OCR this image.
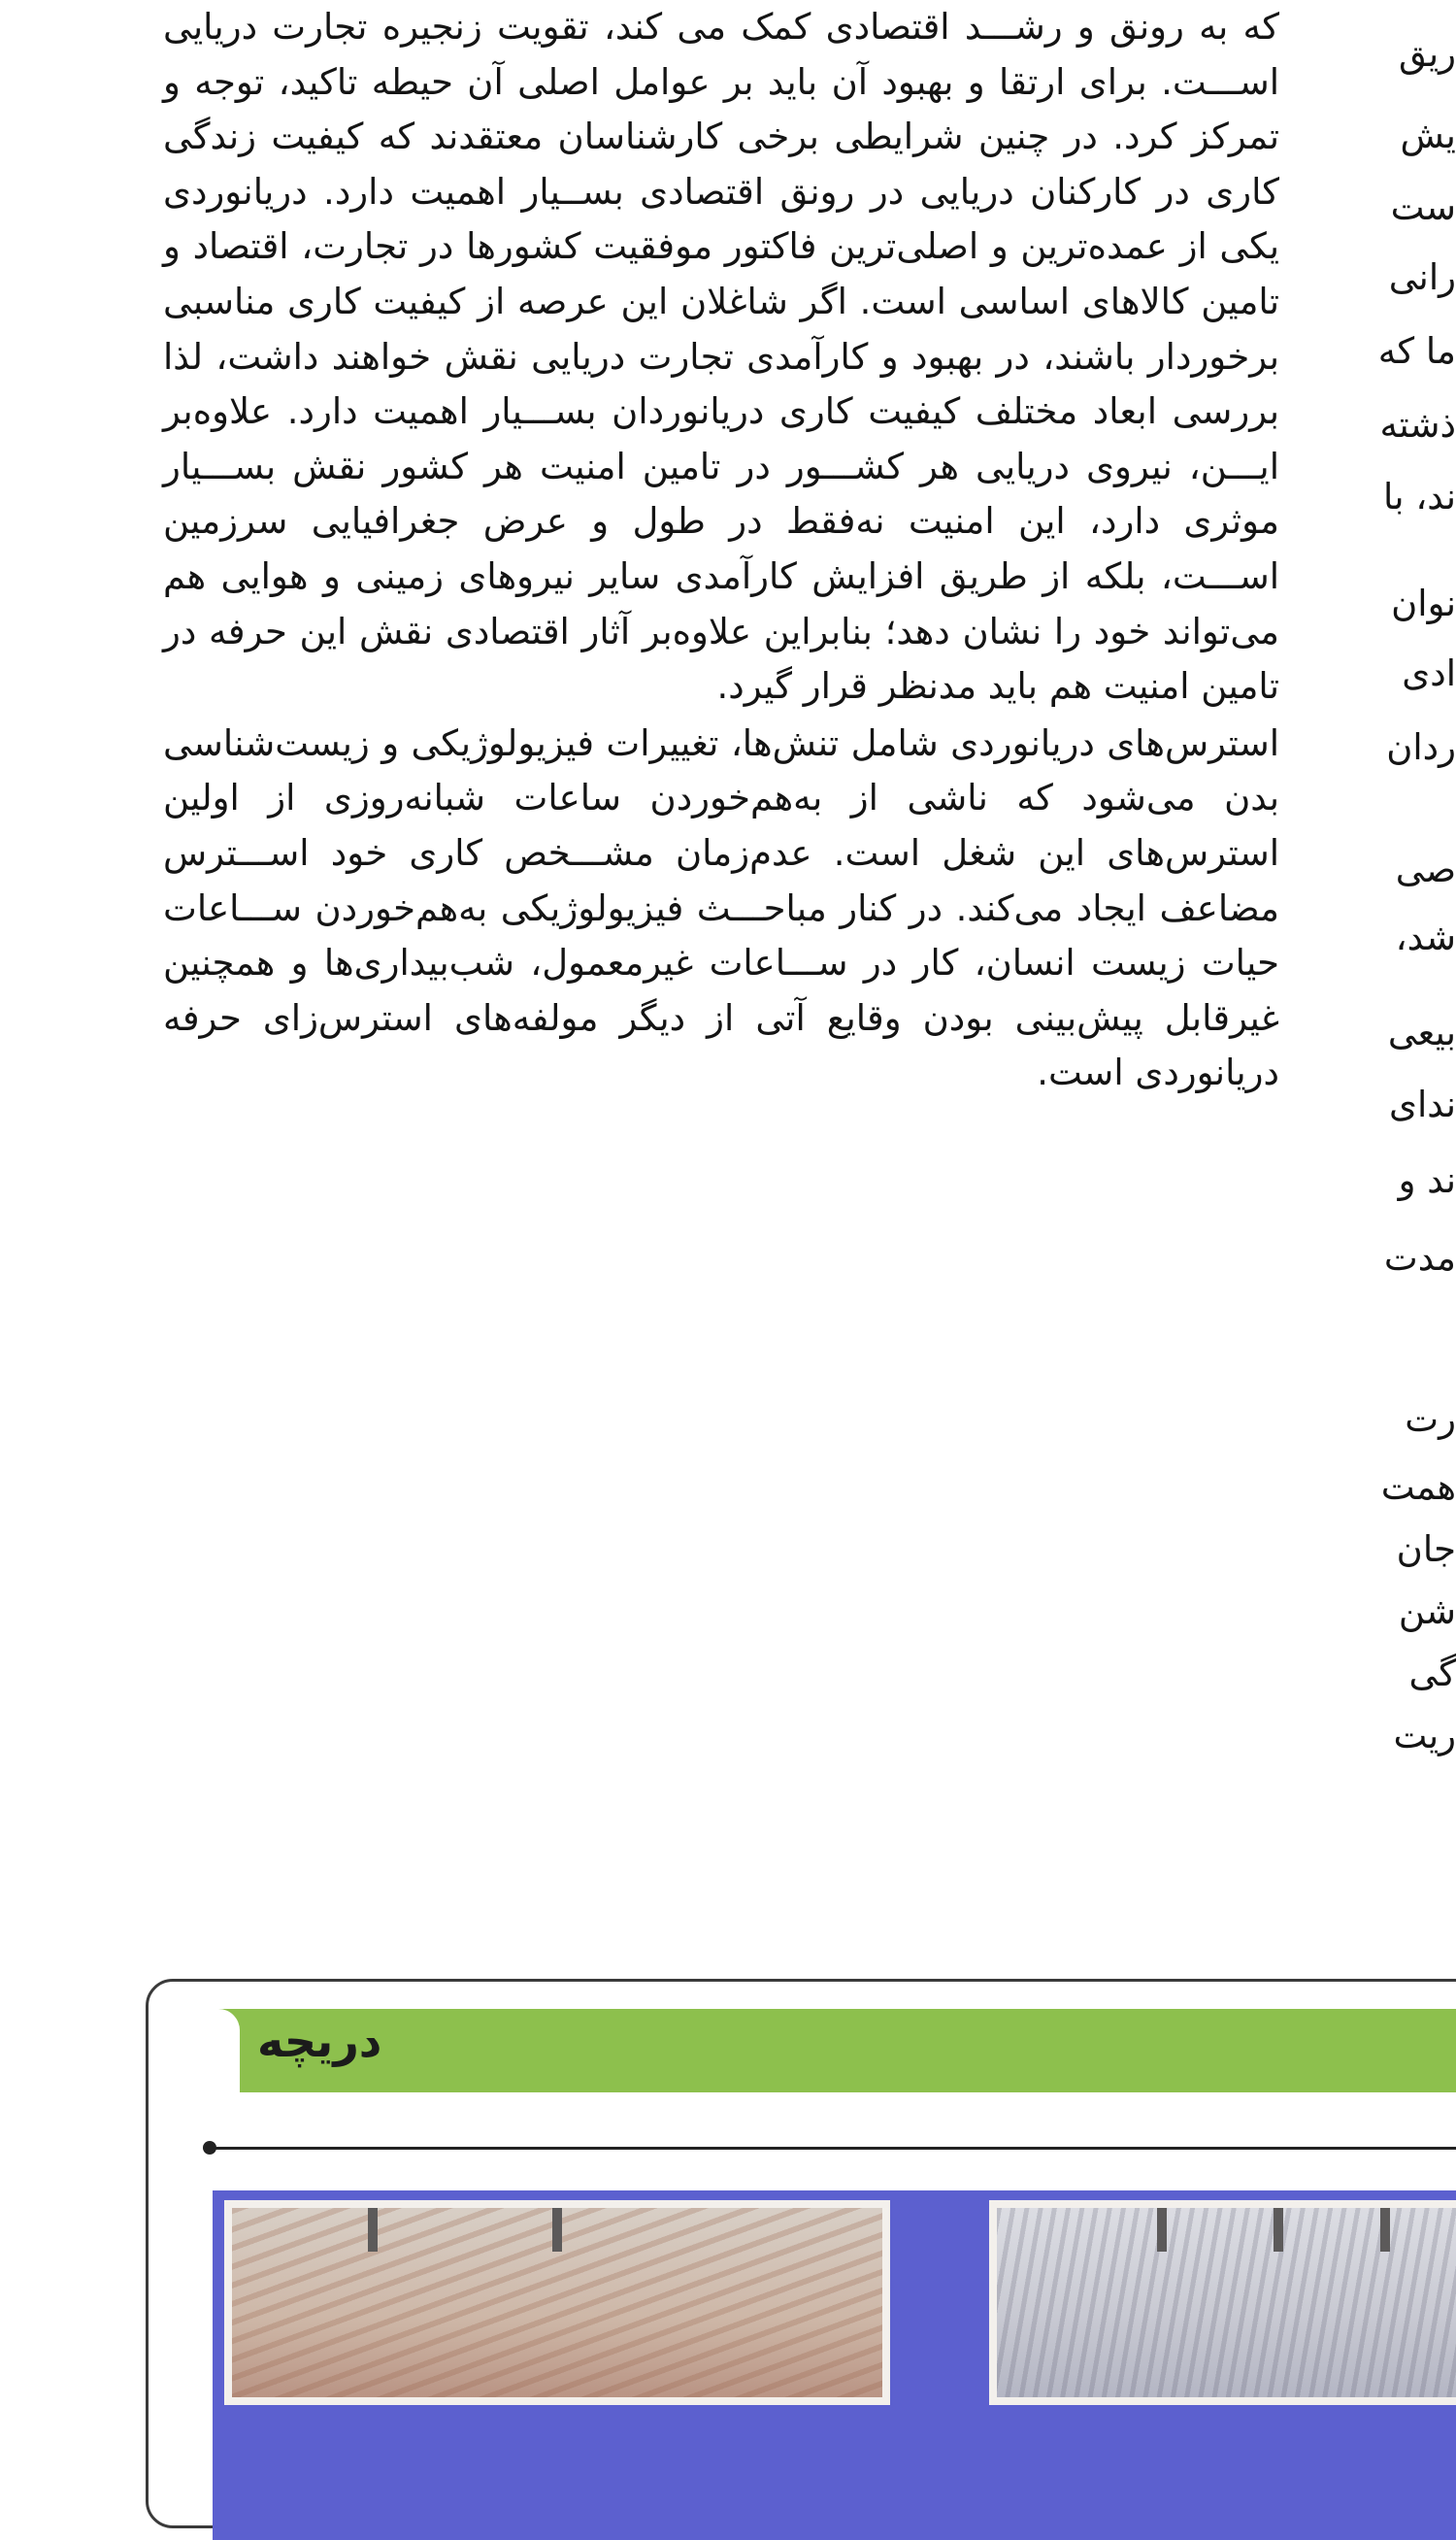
که به رونق و رشـــد اقتصادی کمک می کند، تقویت زنجیره تجارت دریایی اســـت. برای ارتقا و بهبود آن باید بر عوامل اصلی آن حیطه تاکید، توجه و تمرکز کرد. در چنین شرایطی برخی کارشناسان معتقدند که کیفیت زندگی کاری در کارکنان دریایی در رونق اقتصادی بســیار اهمیت دارد. دریانوردی یکی از عمده‌ترین و اصلی‌ترین فاکتور موفقیت کشورها در تجارت، اقتصاد و تامین کالاهای اساسی است. اگر شاغلان این عرصه از کیفیت کاری مناسبی برخوردار باشند، در بهبود و کارآمدی تجارت دریایی نقش خواهند داشت، لذا بررسی ابعاد مختلف کیفیت کاری دریانوردان بســـیار اهمیت دارد. علاوه‌بر ایـــن، نیروی دریایی هر کشـــور در تامین امنیت هر کشور نقش بســـیار موثری دارد، این امنیت نه‌فقط در طول و عرض جغرافیایی سرزمین اســـت، بلکه از طریق افزایش کارآمدی سایر نیروهای زمینی و هوایی هم می‌تواند خود را نشان دهد؛ بنابراین علاوه‌بر آثار اقتصادی نقش این حرفه در تامین امنیت هم باید مدنظر قرار گیرد.

استرس‌های دریانوردی شامل تنش‌ها، تغییرات فیزیولوژیکی و زیست‌شناسی بدن می‌شود که ناشی از به‌هم‌خوردن ساعات شبانه‌روزی از اولین استرس‌های این شغل است. عدم‌زمان مشـــخص کاری خود اســـترس مضاعف ایجاد می‌کند. در کنار مباحـــث فیزیولوژیکی به‌هم‌خوردن ســـاعات حیات زیست انسان، کار در ســـاعات غیرمعمول، شب‌بیداری‌ها و همچنین غیرقابل پیش‌بینی بودن وقایع آتی از دیگر مولفه‌های استرس‌زای حرفه دریانوردی است.

ریق
یش
ست
رانی
ما که
ذشته
ند، با
نوان
ادی
ردان
صی
شد،
بیعی
ندای
ند و
مدت
رت
همت
جان
شن
گی
ریت
دریچه
